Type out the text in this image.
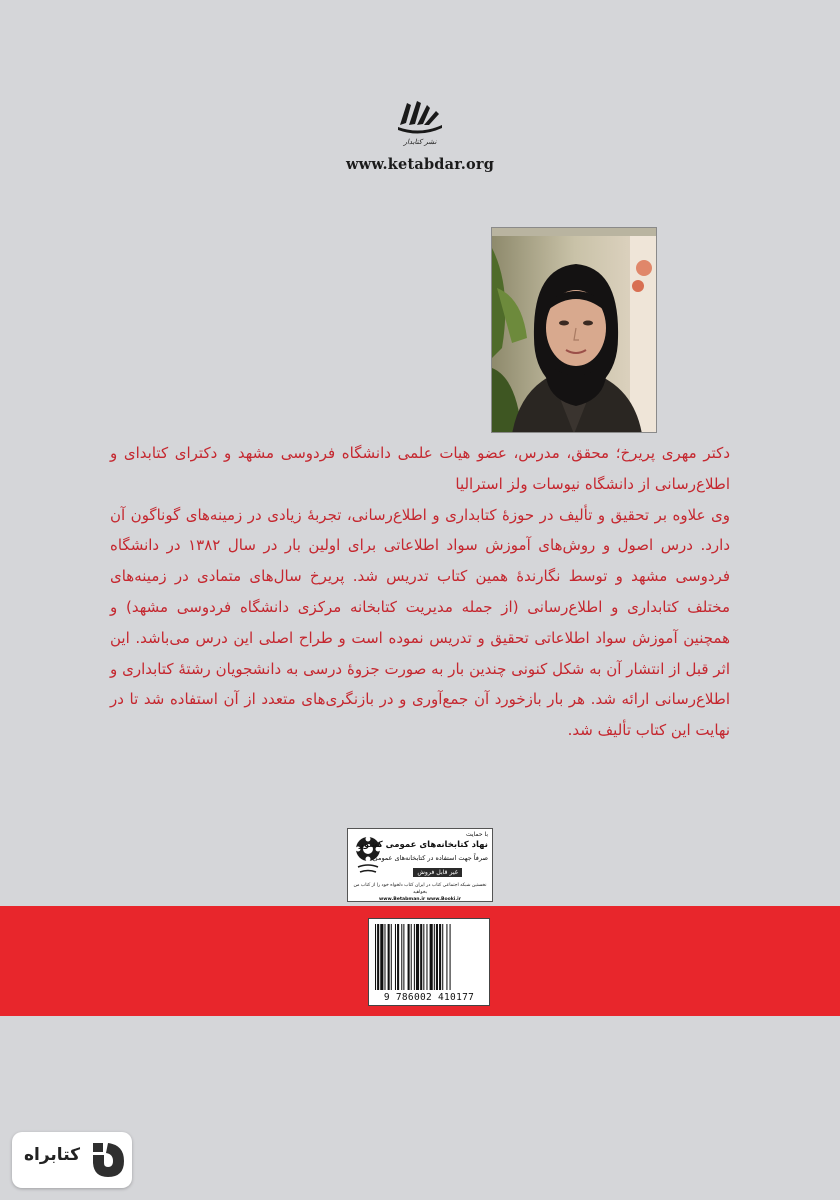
نشر کتابدار
www.ketabdar.org

دکتر مهری پریرخ؛ محقق، مدرس، عضو هیات علمی دانشگاه فردوسی مشهد و دکترای کتابدای و اطلاع‌رسانی از دانشگاه نیوسات ولز استرالیا

وی علاوه بر تحقیق و تألیف در حوزهٔ کتابداری و اطلاع‌رسانی، تجربهٔ زیادی در زمینه‌های گوناگون آن دارد. درس اصول و روش‌های آموزش سواد اطلاعاتی برای اولین بار در سال ۱۳۸۲ در دانشگاه فردوسی مشهد و توسط نگارندهٔ همین کتاب تدریس شد. پریرخ سال‌های متمادی در زمینه‌های مختلف کتابداری و اطلاع‌رسانی (از جمله مدیریت کتابخانه مرکزی دانشگاه فردوسی مشهد) و همچنین آموزش سواد اطلاعاتی تحقیق و تدریس نموده است و طراح اصلی این درس می‌باشد. این اثر قبل از انتشار آن به شکل کنونی چندین بار به صورت جزوهٔ درسی به دانشجویان رشتهٔ کتابداری و اطلاع‌رسانی ارائه شد. هر بار بازخورد آن جمع‌آوری و در بازنگری‌های متعدد از آن استفاده شد تا در نهایت این کتاب تألیف شد.

با حمایت
نهاد کتابخانه‌های عمومی کشور
صرفاً جهت استفاده در کتابخانه‌های عمومی
غیر قابل فروش
نخستین شبکه اجتماعی کتاب در ایران کتاب دلخواه خود را از کتاب من بخواهید
www.Betabman.ir www.Booki.ir
9 786002 410177
کتابراه
